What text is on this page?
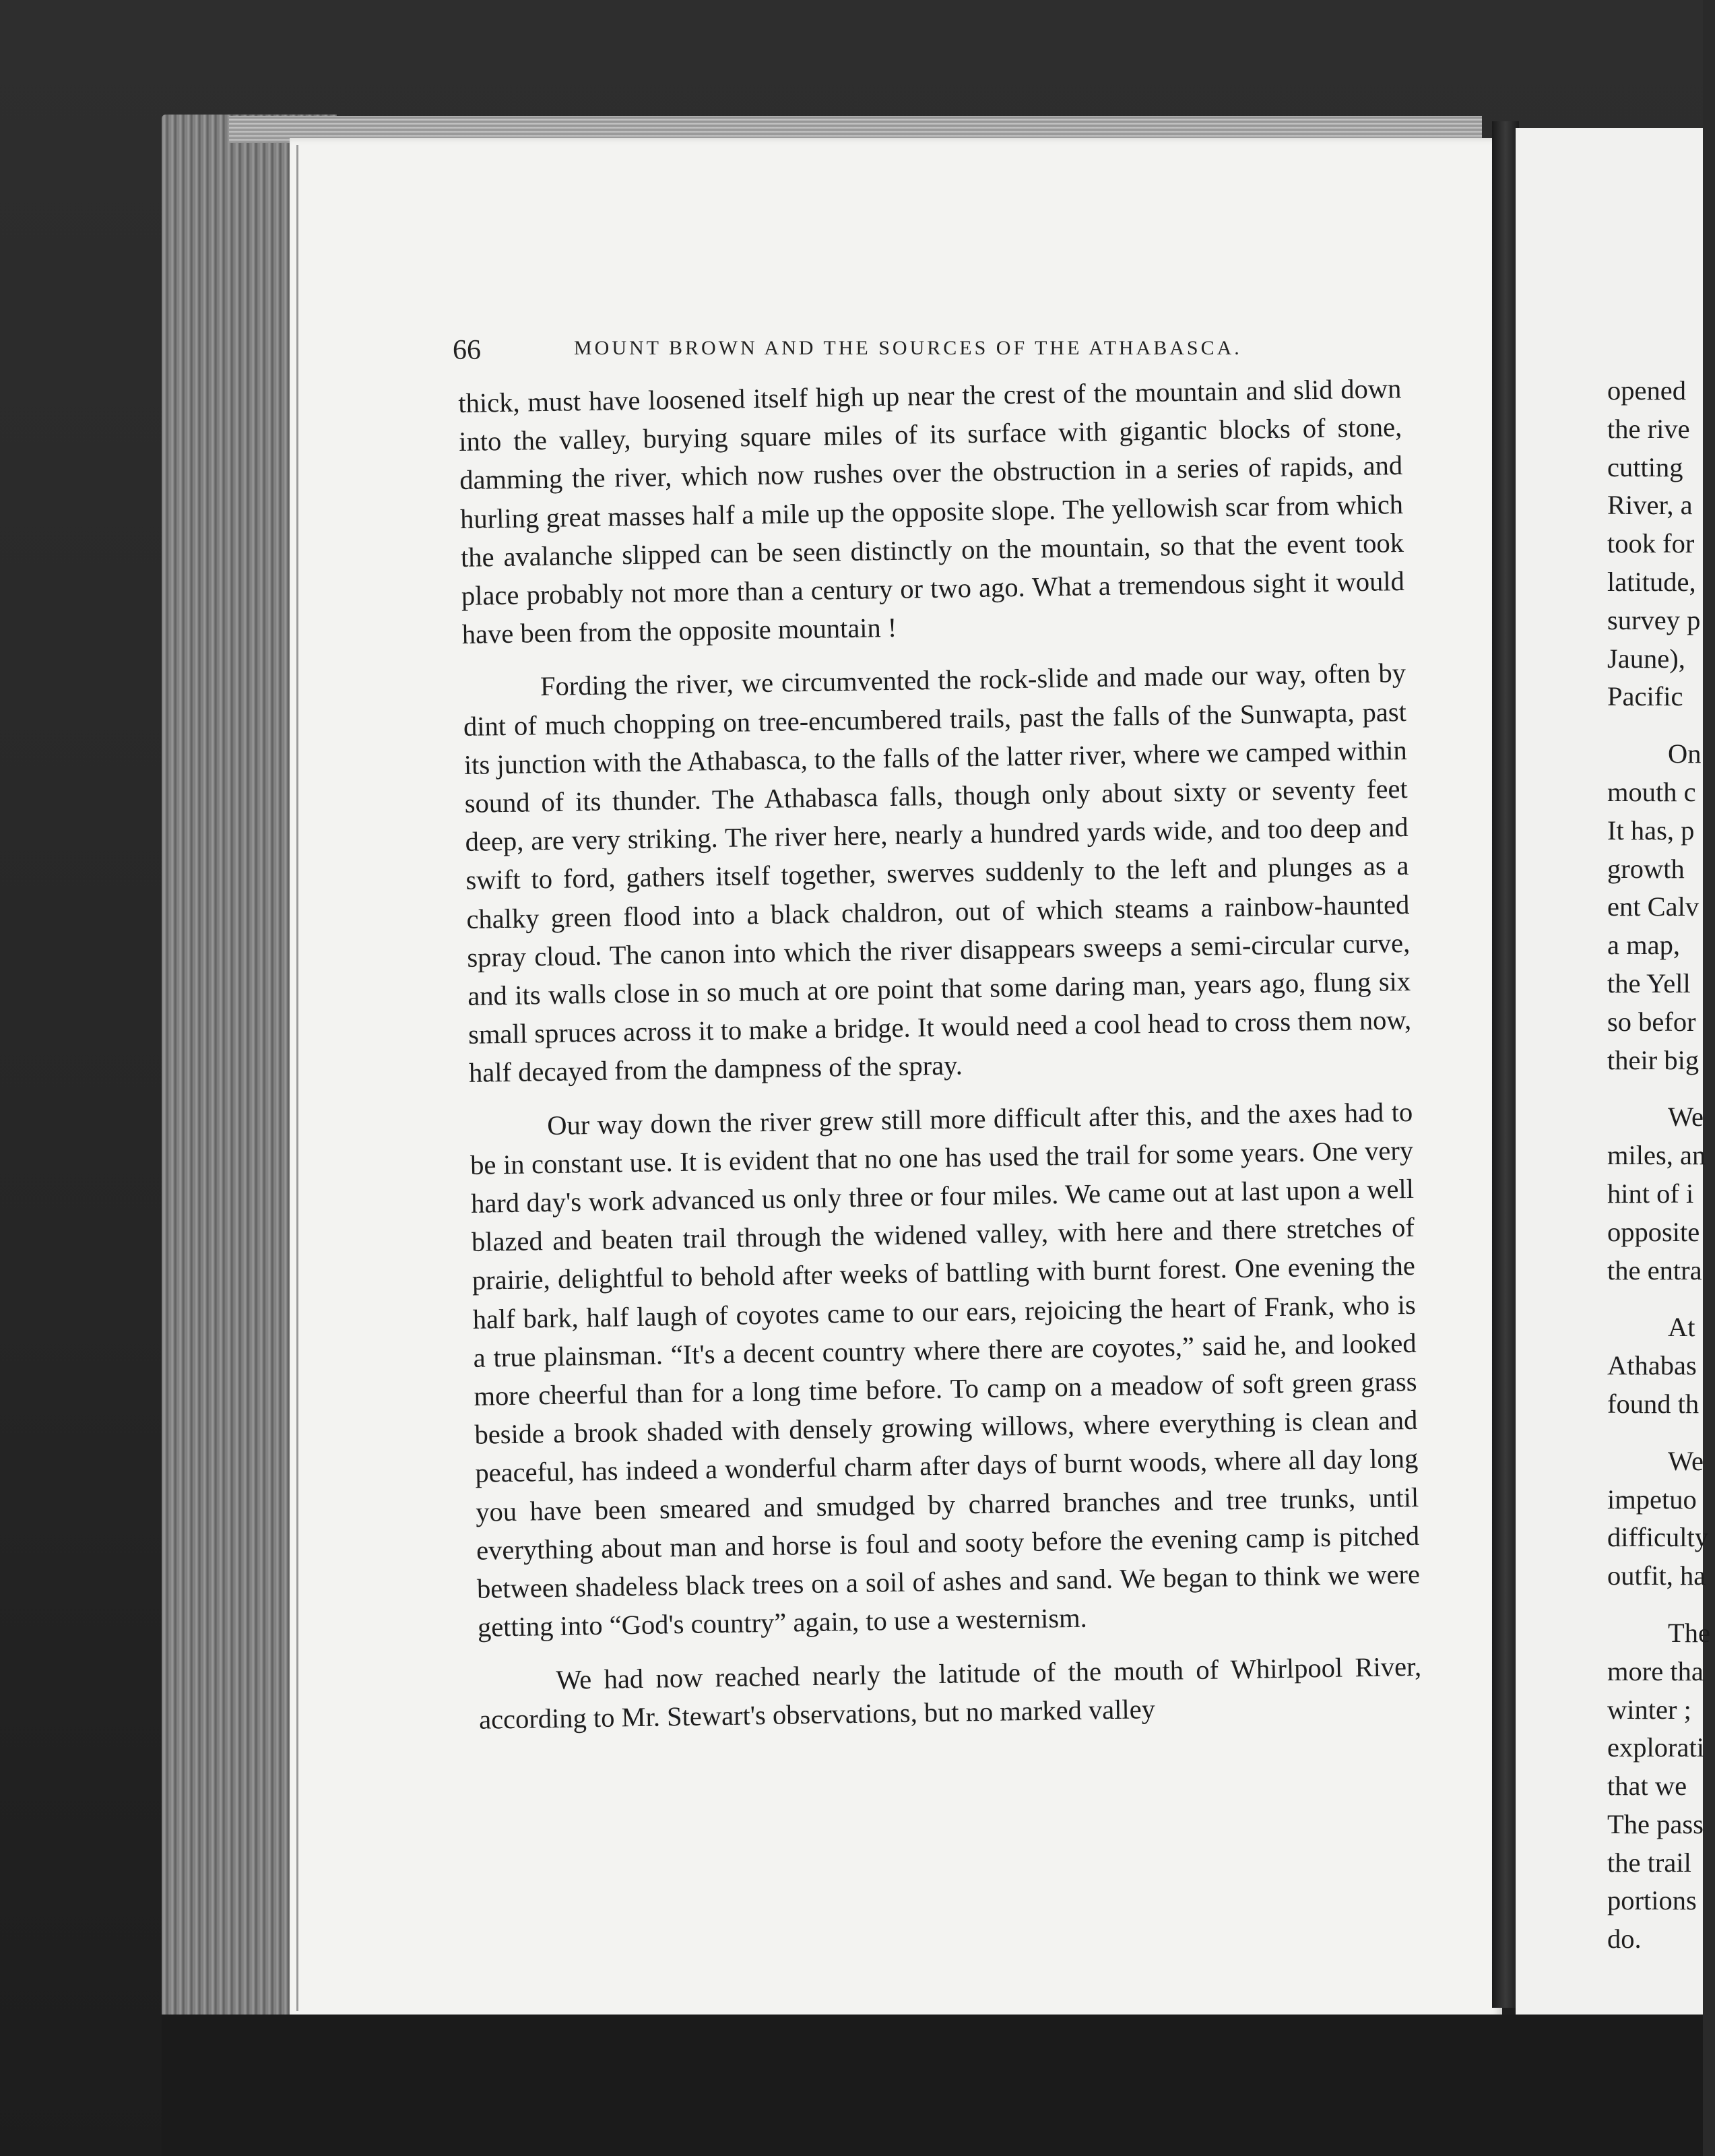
66	MOUNT BROWN AND THE SOURCES OF THE ATHABASCA.

thick, must have loosened itself high up near the crest of the mountain and slid down into the valley, burying square miles of its surface with gigantic blocks of stone, damming the river, which now rushes over the obstruction in a series of rapids, and hurling great masses half a mile up the opposite slope. The yellowish scar from which the avalanche slipped can be seen distinctly on the mountain, so that the event took place probably not more than a century or two ago. What a tremendous sight it would have been from the opposite mountain !

Fording the river, we circumvented the rock-slide and made our way, often by dint of much chopping on tree-encumbered trails, past the falls of the Sunwapta, past its junction with the Athabasca, to the falls of the latter river, where we camped within sound of its thunder. The Athabasca falls, though only about sixty or seventy feet deep, are very striking. The river here, nearly a hundred yards wide, and too deep and swift to ford, gathers itself together, swerves suddenly to the left and plunges as a chalky green flood into a black chaldron, out of which steams a rainbow-haunted spray cloud. The canon into which the river disappears sweeps a semi-circular curve, and its walls close in so much at ore point that some daring man, years ago, flung six small spruces across it to make a bridge. It would need a cool head to cross them now, half decayed from the dampness of the spray.

Our way down the river grew still more difficult after this, and the axes had to be in constant use. It is evident that no one has used the trail for some years. One very hard day's work advanced us only three or four miles. We came out at last upon a well blazed and beaten trail through the widened valley, with here and there stretches of prairie, delightful to behold after weeks of battling with burnt forest. One evening the half bark, half laugh of coyotes came to our ears, rejoicing the heart of Frank, who is a true plainsman. “It's a decent country where there are coyotes,” said he, and looked more cheerful than for a long time before. To camp on a meadow of soft green grass beside a brook shaded with densely growing willows, where everything is clean and peaceful, has indeed a wonderful charm after days of burnt woods, where all day long you have been smeared and smudged by charred branches and tree trunks, until everything about man and horse is foul and sooty before the evening camp is pitched between shadeless black trees on a soil of ashes and sand. We began to think we were getting into “God's country” again, to use a westernism.

We had now reached nearly the latitude of the mouth of Whirlpool River, according to Mr. Stewart's observations, but no marked valley

opened
the rive
cutting
River, a
took for
latitude,
survey p
Jaune),
Pacific
On
mouth c
It has, p
growth
ent Calv
a map,
the Yell
so befor
their big
We
miles, an
hint of i
opposite
the entra
At
Athabas
found th
We
impetuo
difficulty
outfit, ha
The
more tha
winter ;
explorati
that we
The pass
the trail
portions
do.
